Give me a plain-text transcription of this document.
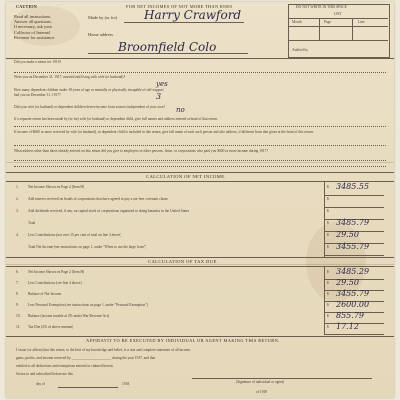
CAUTION	FOR NET INCOMES OF NOT MORE THAN $5000
Read all instructions.
Answer all questions.
If necessary, ask your
Collector of Internal
Revenue for assistance.
Made by (or for) Harry Crawford
Home address
Broomfield Colo
DO NOT WRITE IN THIS SPACE
LIST
Month	Page	Line
Audited by
Did you make a return for 1916?
Were you on December 31, 1917, married and living with wife (or husband)?
yes
How many dependent children under 18 years of age or mentally or physically incapable of self-support had you on December 31, 1917?	3
Did your wife (or husband) or dependent children derive income from sources independent of your own?	no
If a separate return has been made by (or for) wife (or husband) or dependent child, give full names and address entered at head of that return.
If income of $600 or more received by wife (or husband), or dependent child is included in this return, give full name of each such person and also address, if different from that given at the head of this return.
What address other than those already entered on this return did you give to employers or other persons, firms, or corporations who paid you $600 or more income during 1917?
CALCULATION OF NET INCOME.
1.	Net Income Shown on Page 2 (Item H)	$ 3485.55
2.	Add interest received on bonds of corporations that have agreed to pay a tax-free covenant clause	$
3.	Add dividends received, if any, on capital stock of corporations organized or doing business in the United States	$
Total	$ 3485.79
4.	Less Contributions (not over 15 per cent of total on line 3 above)	$ 29.50
Total Net Income (see instructions on page 1, under "When to use the large form")	$ 3455.79
CALCULATION OF TAX DUE.
6.	Net Income Shown on Page 2 (Item H)	$ 3485.29
7.	Less Contributions (see line 4 above)	$ 29.50
8.	Balance of Net Income	$ 3455.79
9.	Less Personal Exemption (see instructions on page 1, under "Personal Exemption")	$ 2600.00
10. Balance (income taxable at 2% under War Revenue Act)	$ 855.79
11. Tax Due (2% of above amount)	$ 17.12
AFFIDAVIT TO BE EXECUTED BY INDIVIDUAL OR AGENT MAKING THIS RETURN.
I swear (or affirm) that this return, to the best of my knowledge and belief, is a true and complete statement of all income,
gains, profits, and income received by ______________________ during the year 1917, and that
entitled to all deductions and exemptions entered or claimed herein.
Sworn to and subscribed before me this
(Signature of individual or agent)
day of	1918.
of 1918
